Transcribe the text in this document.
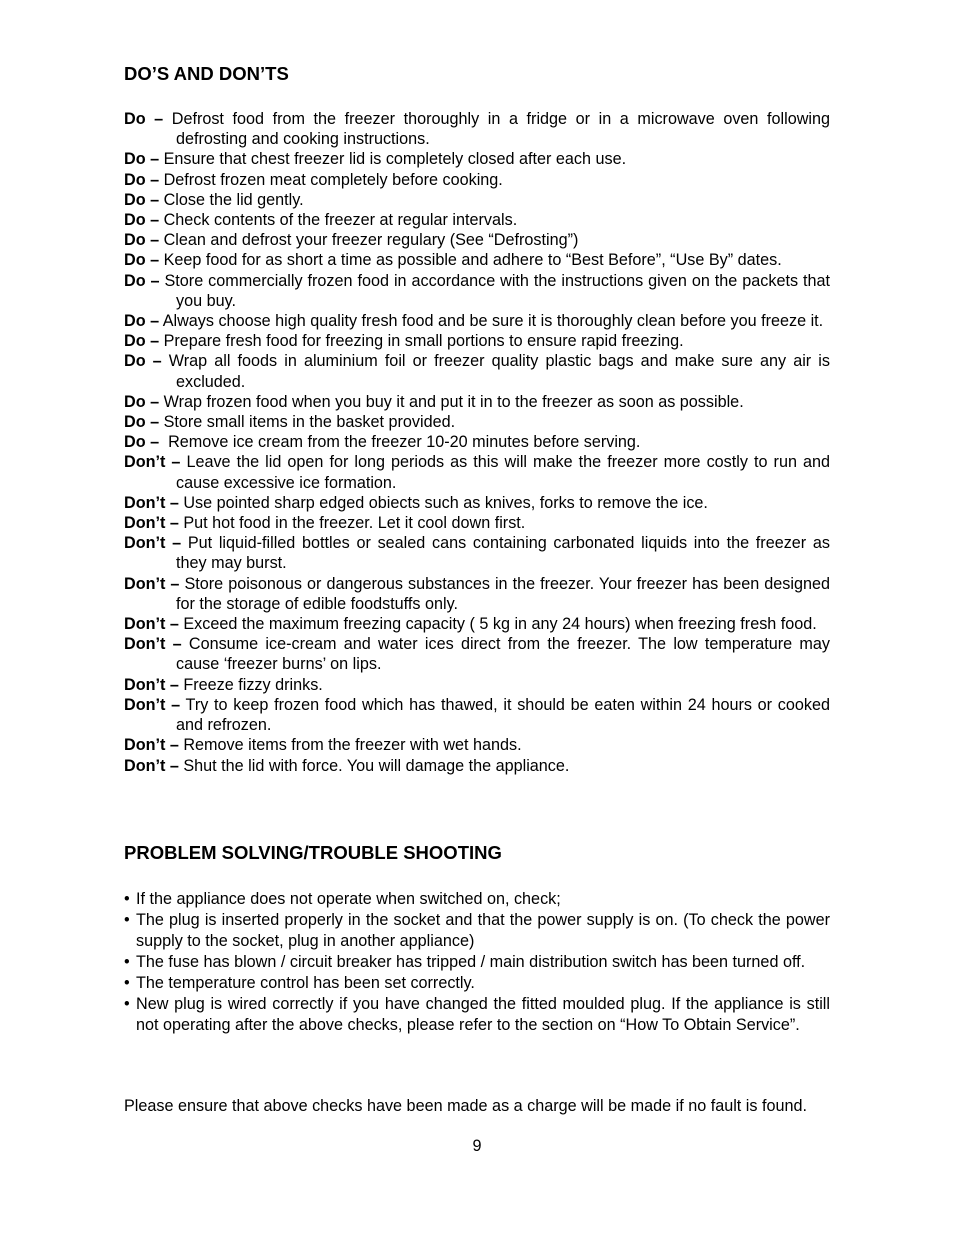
DO’S AND DON’TS
Do – Defrost food from the freezer thoroughly in a fridge or in a microwave oven following defrosting and cooking instructions.
Do – Ensure that chest freezer lid is completely closed after each use.
Do – Defrost frozen meat completely before cooking.
Do – Close the lid gently.
Do – Check contents of the freezer at regular intervals.
Do – Clean and defrost your freezer regulary (See “Defrosting”)
Do – Keep food for as short a time as possible and adhere to “Best Before”, “Use By” dates.
Do – Store commercially frozen food in accordance with the instructions given on the packets that you buy.
Do – Always choose high quality fresh food and be sure it is thoroughly clean before you freeze it.
Do – Prepare fresh food for freezing in small portions to ensure rapid freezing.
Do – Wrap all foods in aluminium foil or freezer quality plastic bags and make sure any air is excluded.
Do – Wrap frozen food when you buy it and put it in to the freezer as soon as possible.
Do – Store small items in the basket provided.
Do –  Remove ice cream from the freezer 10-20 minutes before serving.
Don’t – Leave the lid open for long periods as this will make the freezer more costly to run and cause excessive ice formation.
Don’t – Use pointed sharp edged obiects such as knives, forks to remove the ice.
Don’t – Put hot food in the freezer. Let it cool down first.
Don’t – Put liquid-filled bottles or sealed cans containing carbonated liquids into the freezer as they may burst.
Don’t – Store poisonous or dangerous substances in the freezer. Your freezer has been designed for the storage of edible foodstuffs only.
Don’t – Exceed the maximum freezing capacity ( 5 kg in any 24 hours) when freezing fresh food.
Don’t – Consume ice-cream and water ices direct from the freezer. The low temperature may cause ‘freezer burns’ on lips.
Don’t – Freeze fizzy drinks.
Don’t – Try to keep frozen food which has thawed, it should be eaten within 24 hours or cooked and refrozen.
Don’t – Remove items from the freezer with wet hands.
Don’t – Shut the lid with force. You will damage the appliance.
PROBLEM SOLVING/TROUBLE SHOOTING
• If the appliance does not operate when switched on, check;
• The plug is inserted properly in the socket and that the power supply is on. (To check the power supply to the socket, plug in another appliance)
• The fuse has blown / circuit breaker has tripped / main distribution switch has been turned off.
• The temperature control has been set correctly.
• New plug is wired correctly if you have changed the fitted moulded plug. If the appliance is still not operating after the above checks, please refer to the section on “How To Obtain Service”.

Please ensure that above checks have been made as a charge will be made if no fault is found.

9
